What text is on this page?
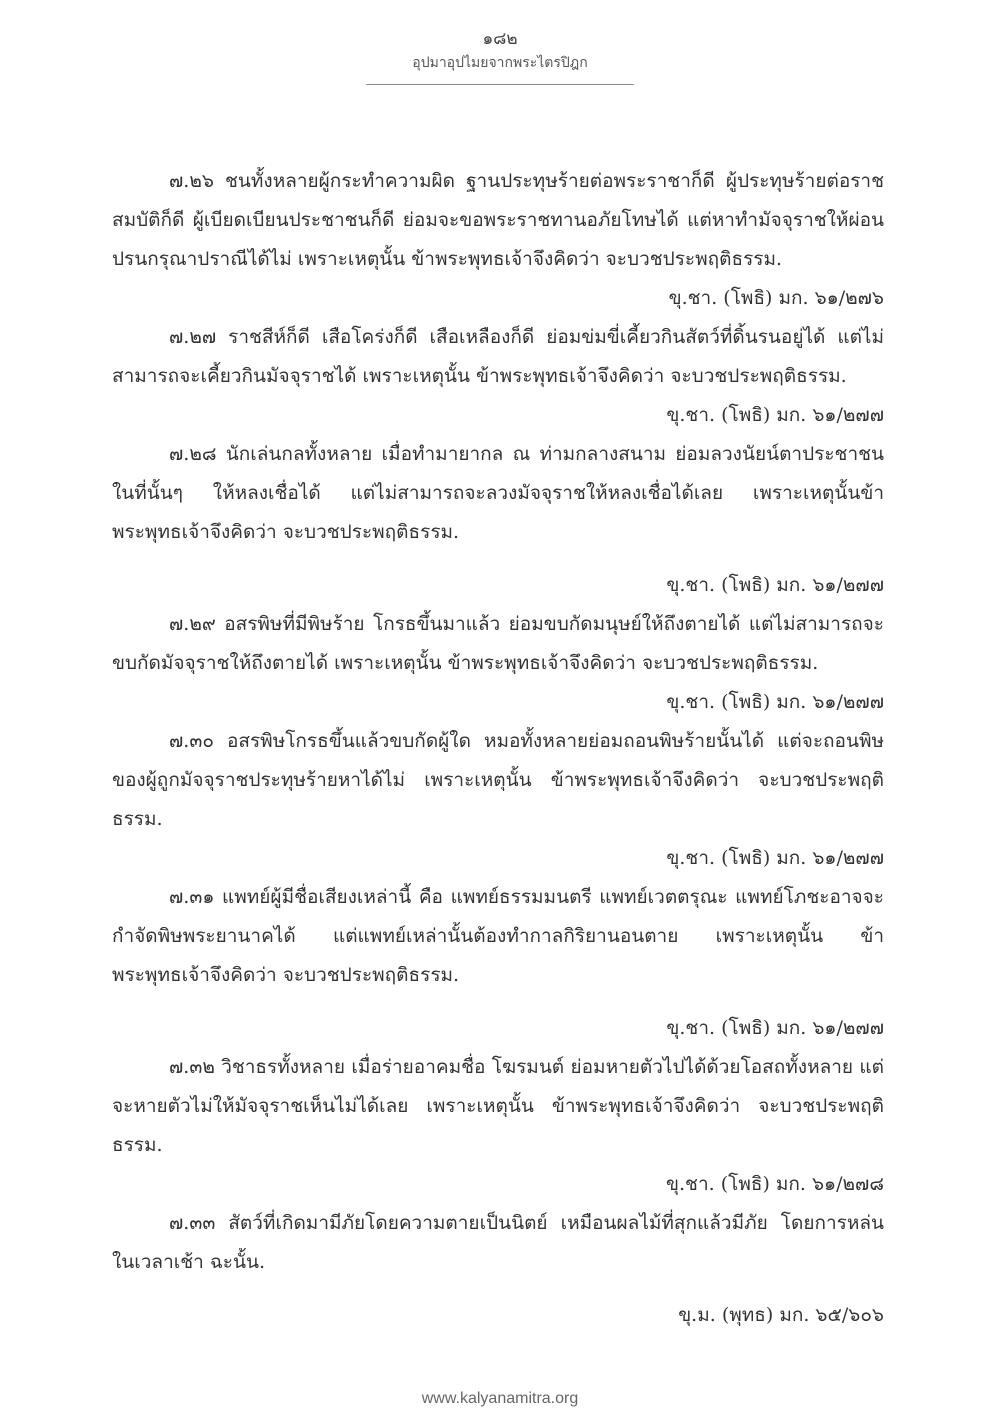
๑๘๒
อุปมาอุปไมยจากพระไตรปิฎก

๗.๒๖ ชนทั้งหลายผู้กระทำความผิด ฐานประทุษร้ายต่อพระราชาก็ดี ผู้ประทุษร้ายต่อราชสมบัติก็ดี ผู้เบียดเบียนประชาชนก็ดี ย่อมจะขอพระราชทานอภัยโทษได้ แต่หาทำมัจจุราชให้ผ่อนปรนกรุณาปราณีได้ไม่ เพราะเหตุนั้น ข้าพระพุทธเจ้าจึงคิดว่า จะบวชประพฤติธรรม.

ขุ.ชา. (โพธิ) มก. ๖๑/๒๗๖

๗.๒๗ ราชสีห์ก็ดี เสือโคร่งก็ดี เสือเหลืองก็ดี ย่อมข่มขี่เคี้ยวกินสัตว์ที่ดิ้นรนอยู่ได้ แต่ไม่สามารถจะเคี้ยวกินมัจจุราชได้ เพราะเหตุนั้น ข้าพระพุทธเจ้าจึงคิดว่า จะบวชประพฤติธรรม.

ขุ.ชา. (โพธิ) มก. ๖๑/๒๗๗

๗.๒๘ นักเล่นกลทั้งหลาย เมื่อทำมายากล ณ ท่ามกลางสนาม ย่อมลวงนัยน์ตาประชาชนในที่นั้นๆ ให้หลงเชื่อได้ แต่ไม่สามารถจะลวงมัจจุราชให้หลงเชื่อได้เลย เพราะเหตุนั้นข้าพระพุทธเจ้าจึงคิดว่า จะบวชประพฤติธรรม.

ขุ.ชา. (โพธิ) มก. ๖๑/๒๗๗

๗.๒๙ อสรพิษที่มีพิษร้าย โกรธขึ้นมาแล้ว ย่อมขบกัดมนุษย์ให้ถึงตายได้ แต่ไม่สามารถจะขบกัดมัจจุราชให้ถึงตายได้ เพราะเหตุนั้น ข้าพระพุทธเจ้าจึงคิดว่า จะบวชประพฤติธรรม.

ขุ.ชา. (โพธิ) มก. ๖๑/๒๗๗

๗.๓๐ อสรพิษโกรธขึ้นแล้วขบกัดผู้ใด หมอทั้งหลายย่อมถอนพิษร้ายนั้นได้ แต่จะถอนพิษของผู้ถูกมัจจุราชประทุษร้ายหาได้ไม่ เพราะเหตุนั้น ข้าพระพุทธเจ้าจึงคิดว่า จะบวชประพฤติธรรม.

ขุ.ชา. (โพธิ) มก. ๖๑/๒๗๗

๗.๓๑ แพทย์ผู้มีชื่อเสียงเหล่านี้ คือ แพทย์ธรรมมนตรี แพทย์เวตตรุณะ แพทย์โภชะอาจจะกำจัดพิษพระยานาคได้ แต่แพทย์เหล่านั้นต้องทำกาลกิริยานอนตาย เพราะเหตุนั้น ข้าพระพุทธเจ้าจึงคิดว่า จะบวชประพฤติธรรม.

ขุ.ชา. (โพธิ) มก. ๖๑/๒๗๗

๗.๓๒ วิชาธรทั้งหลาย เมื่อร่ายอาคมชื่อ โฆรมนต์ ย่อมหายตัวไปได้ด้วยโอสถทั้งหลาย แต่จะหายตัวไม่ให้มัจจุราชเห็นไม่ได้เลย เพราะเหตุนั้น ข้าพระพุทธเจ้าจึงคิดว่า จะบวชประพฤติธรรม.

ขุ.ชา. (โพธิ) มก. ๖๑/๒๗๘

๗.๓๓ สัตว์ที่เกิดมามีภัยโดยความตายเป็นนิตย์ เหมือนผลไม้ที่สุกแล้วมีภัย โดยการหล่นในเวลาเช้า ฉะนั้น.

ขุ.ม. (พุทธ) มก. ๖๕/๖๐๖

www.kalyanamitra.org
